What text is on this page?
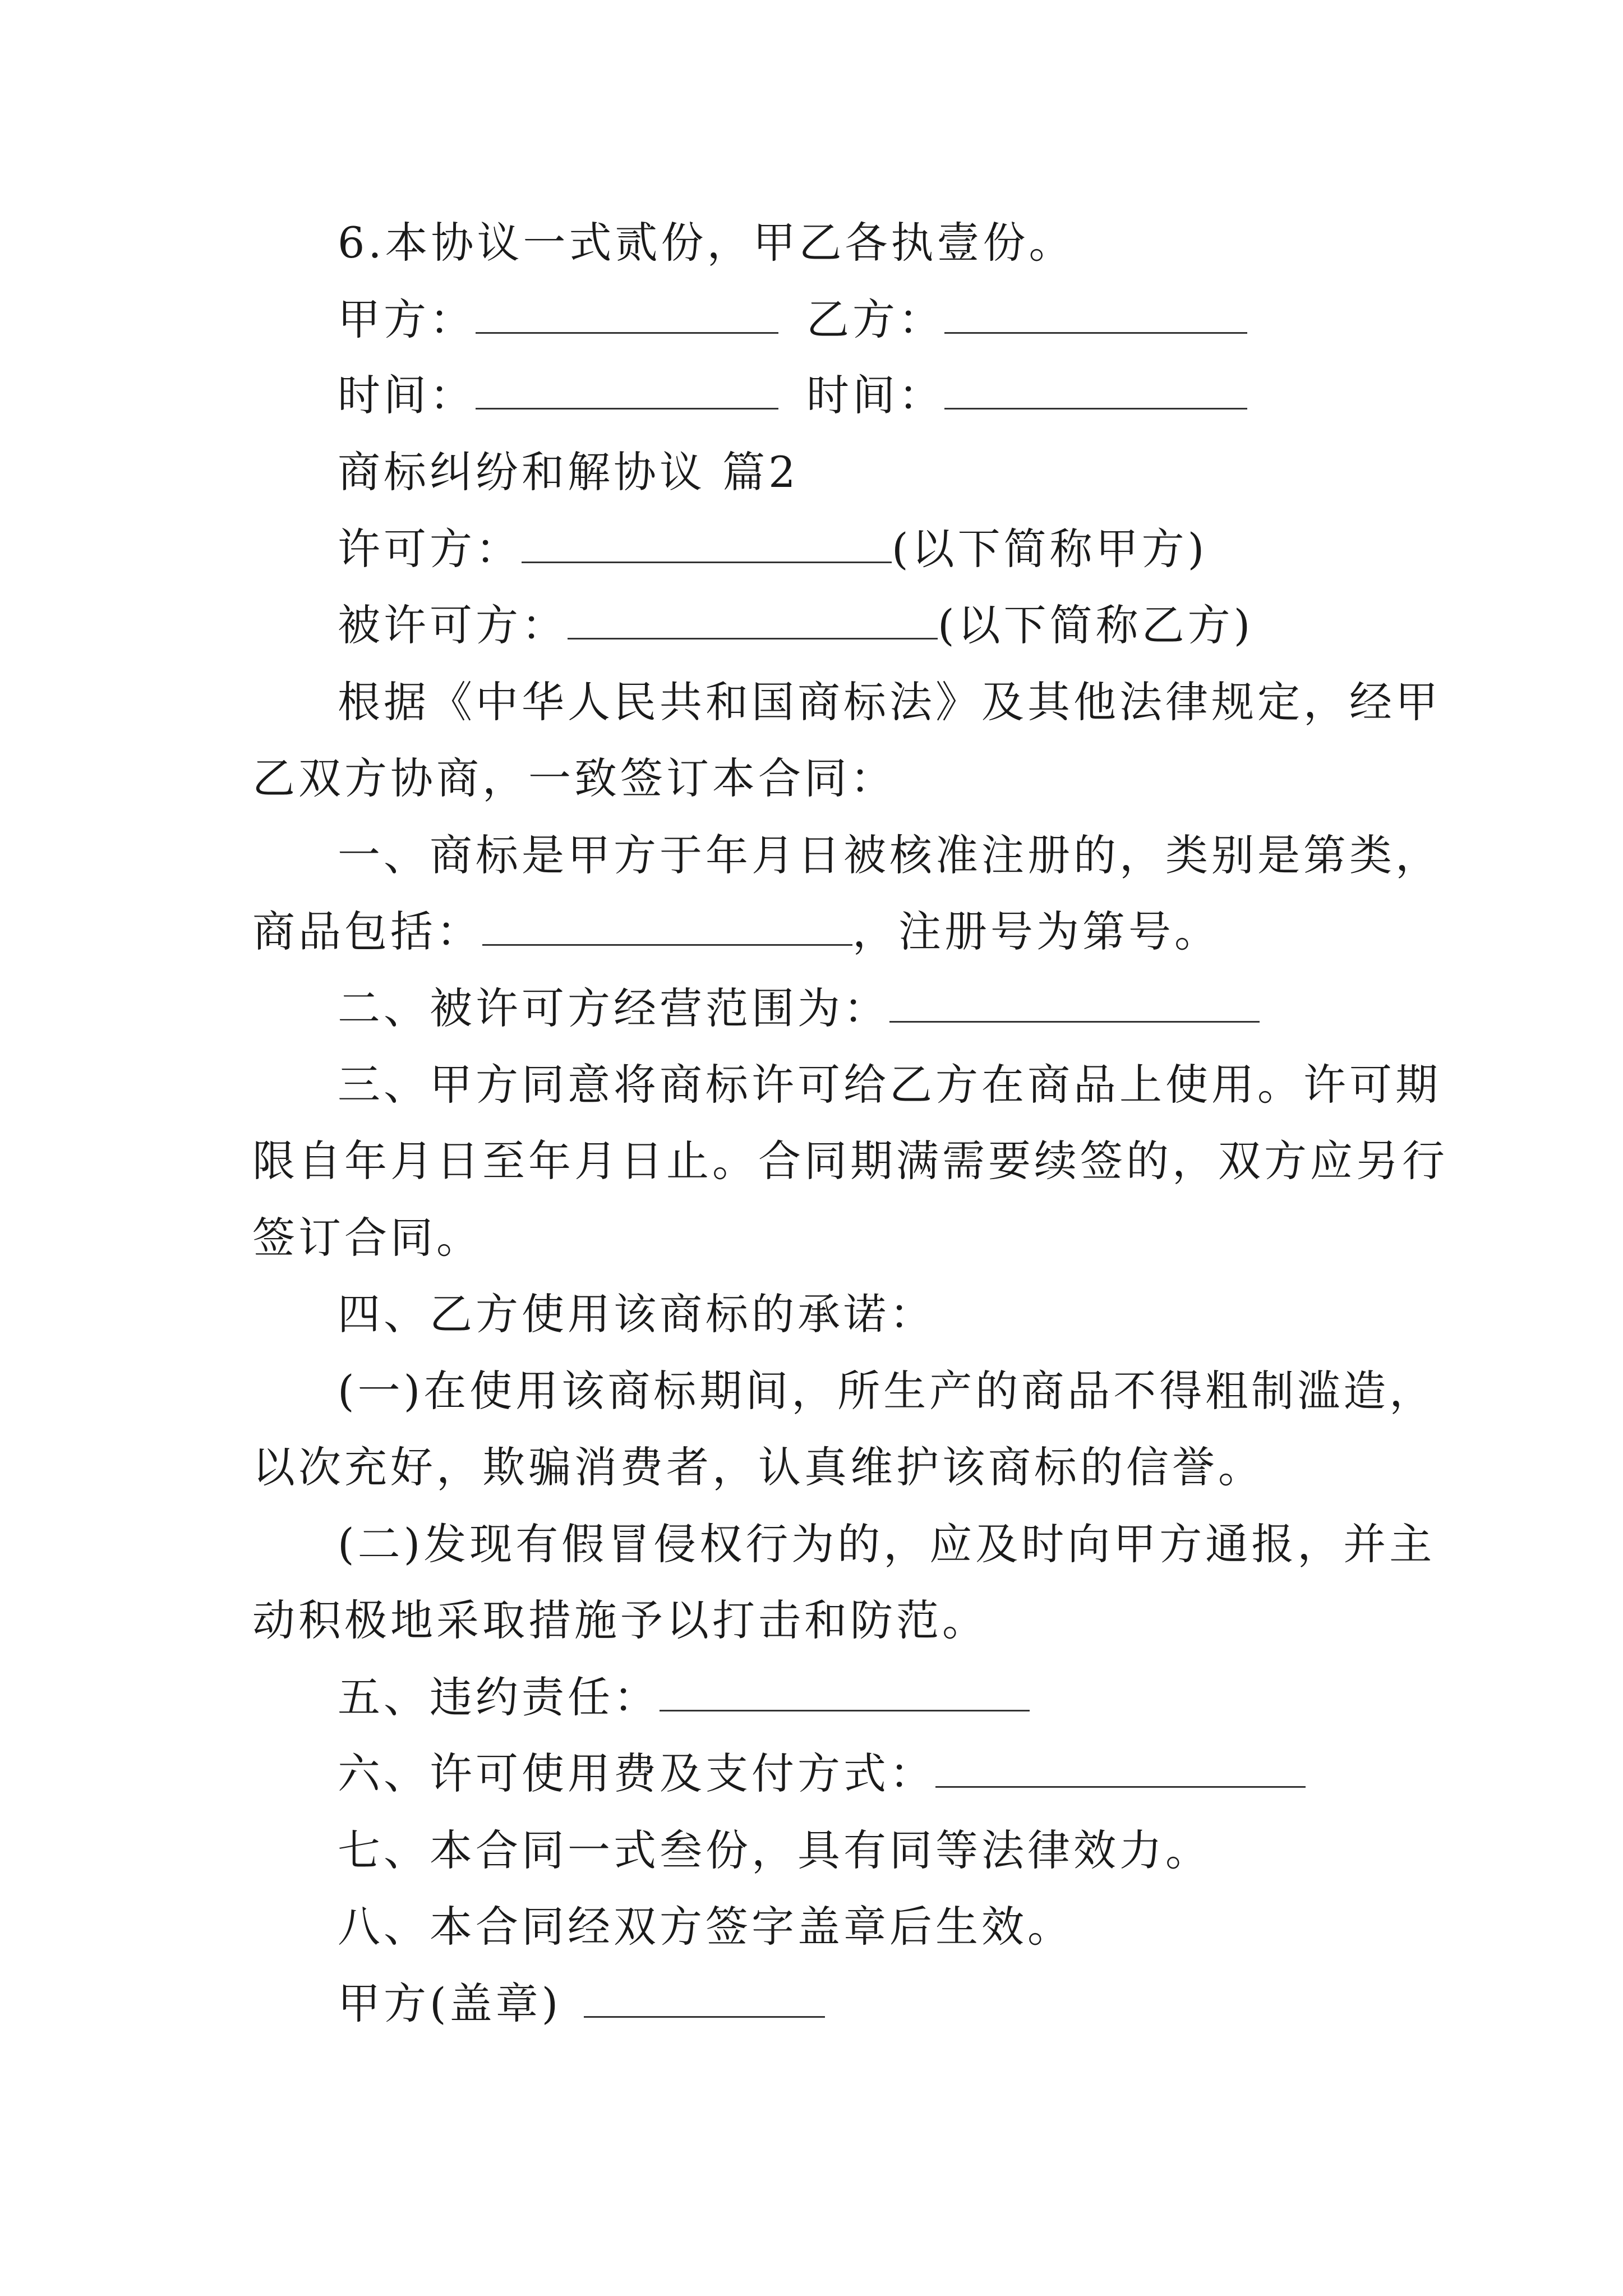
6.本协议一式贰份，甲乙各执壹份。
甲方：	乙方：
时间：	时间：
商标纠纷和解协议 篇2
许可方：	(以下简称甲方)
被许可方：	(以下简称乙方)
根据《中华人民共和国商标法》及其他法律规定，经甲
乙双方协商，一致签订本合同：
一、商标是甲方于年月日被核准注册的，类别是第类，
商品包括：	，注册号为第号。
二、被许可方经营范围为：
三、甲方同意将商标许可给乙方在商品上使用。许可期
限自年月日至年月日止。合同期满需要续签的，双方应另行
签订合同。
四、乙方使用该商标的承诺：
(一)在使用该商标期间，所生产的商品不得粗制滥造，
以次充好，欺骗消费者，认真维护该商标的信誉。
(二)发现有假冒侵权行为的，应及时向甲方通报，并主
动积极地采取措施予以打击和防范。
五、违约责任：
六、许可使用费及支付方式：
七、本合同一式叁份，具有同等法律效力。
八、本合同经双方签字盖章后生效。
甲方(盖章)
